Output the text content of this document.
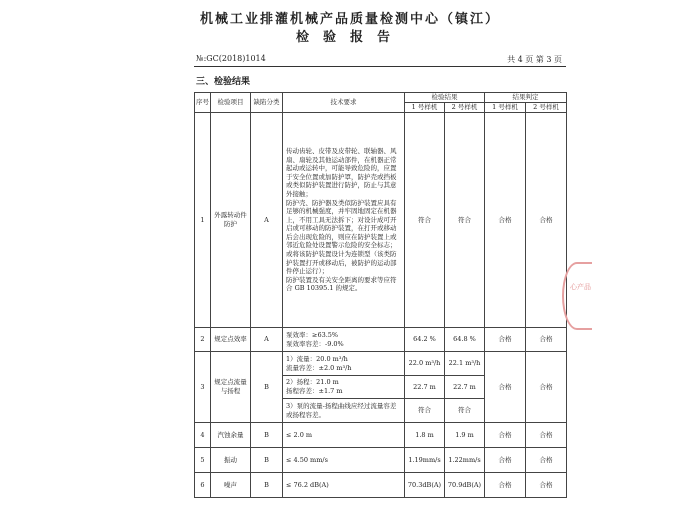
机械工业排灌机械产品质量检测中心（镇江）
检验报告
№:GC(2018)1014	共 4 页 第 3 页
三、检验结果
序号	检验项目	缺陷分类	技术要求	检验结果		结果判定	
				1 号样机	2 号样机	1 号样机	2 号样机
1	外露转动件防护	A	传动齿轮、皮带及皮带轮、联轴器、风扇、扇轮及其他运动部件，在机器正常起动或运转中，可能导致危险的，应置于安全位置或加防护罩，防护壳或挡板或类似防护装置进行防护，防止与其意外接触；
防护壳、防护器及类似防护装置应具有足够的机械强度，并牢固地固定在机器上，不用工具无法拆下；对设计成可开启或可移动的防护装置，在打开或移动后会出现危险的，则应在防护装置上或邻近危险处设置警示危险的安全标志；或将该防护装置设计为连锁型（该类防护装置打开或移动后，被防护的运动部件停止运行）；
防护装置及有关安全距离的要求等应符合 GB 10395.1 的规定。	符合	符合	合格	合格
2	规定点效率	A	泵效率：≥63.5%
泵效率容差：-9.0%	64.2 %	64.8 %	合格	合格
3	规定点流量与扬程	B	1）流量：20.0 m³/h
流量容差：±2.0 m³/h	22.0 m³/h	22.1 m³/h	合格	合格
			2）扬程：21.0 m
扬程容差：±1.7 m	22.7 m	22.7 m		
			3）泵的流量-扬程曲线应经过流量容差或扬程容差。	符合	符合		
4	汽蚀余量	B	≤ 2.0 m	1.8 m	1.9 m	合格	合格
5	振动	B	≤ 4.50 mm/s	1.19mm/s	1.22mm/s	合格	合格
6	噪声	B	≤ 76.2 dB(A)	70.3dB(A)	70.9dB(A)	合格	合格
心产品
